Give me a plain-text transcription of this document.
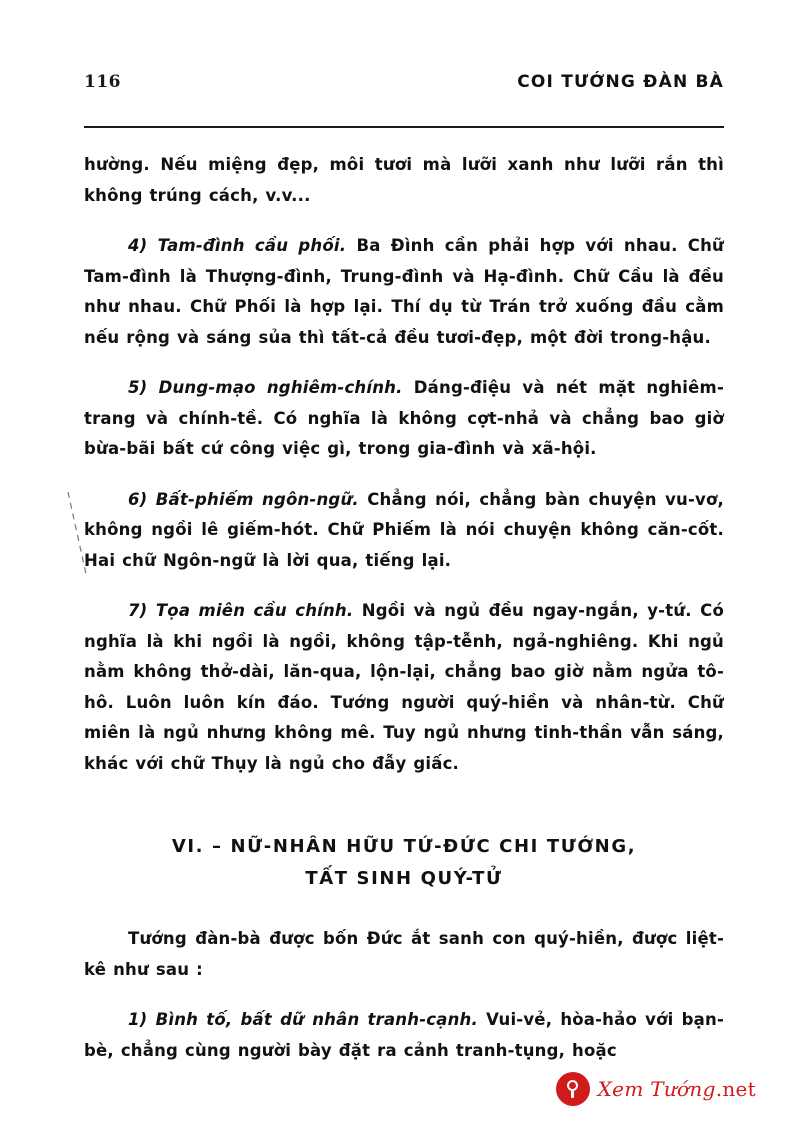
116	COI TƯỚNG ĐÀN BÀ

hường. Nếu miệng đẹp, môi tươi mà lưỡi xanh như lưỡi rắn thì không trúng cách, v.v...

4) Tam-đình cầu phối. Ba Đình cần phải hợp với nhau. Chữ Tam-đình là Thượng-đình, Trung-đình và Hạ-đình. Chữ Cầu là đều như nhau. Chữ Phối là hợp lại. Thí dụ từ Trán trở xuống đầu cằm nếu rộng và sáng sủa thì tất-cả đều tươi-đẹp, một đời trong-hậu.

5) Dung-mạo nghiêm-chính. Dáng-điệu và nét mặt nghiêm-trang và chính-tề. Có nghĩa là không cợt-nhả và chẳng bao giờ bừa-bãi bất cứ công việc gì, trong gia-đình và xã-hội.

6) Bất-phiếm ngôn-ngữ. Chẳng nói, chẳng bàn chuyện vu-vơ, không ngồi lê giếm-hót. Chữ Phiếm là nói chuyện không căn-cốt. Hai chữ Ngôn-ngữ là lời qua, tiếng lại.

7) Tọa miên cầu chính. Ngồi và ngủ đều ngay-ngắn, y-tứ. Có nghĩa là khi ngồi là ngồi, không tập-tễnh, ngả-nghiêng. Khi ngủ nằm không thở-dài, lăn-qua, lộn-lại, chẳng bao giờ nằm ngửa tô-hô. Luôn luôn kín đáo. Tướng người quý-hiền và nhân-từ. Chữ miên là ngủ nhưng không mê. Tuy ngủ nhưng tinh-thần vẫn sáng, khác với chữ Thụy là ngủ cho đẫy giấc.

VI. – NỮ-NHÂN HỮU TỨ-ĐỨC CHI TƯỚNG,
TẤT SINH QUÝ-TỬ

Tướng đàn-bà được bốn Đức ắt sanh con quý-hiền, được liệt-kê như sau :

1) Bình tố, bất dữ nhân tranh-cạnh. Vui-vẻ, hòa-hảo với bạn-bè, chẳng cùng người bày đặt ra cảnh tranh-tụng, hoặc

Xem Tướng.net
